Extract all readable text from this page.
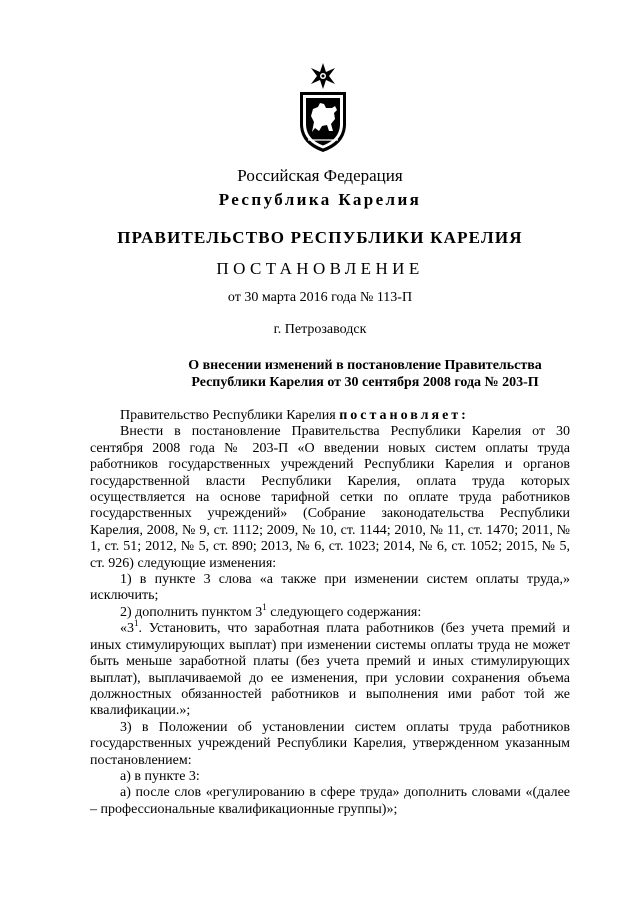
Российская Федерация
Республика Карелия
ПРАВИТЕЛЬСТВО РЕСПУБЛИКИ КАРЕЛИЯ
ПОСТАНОВЛЕНИЕ
от 30 марта 2016 года № 113-П
г. Петрозаводск
О внесении изменений в постановление Правительства
Республики Карелия от 30 сентября 2008 года № 203-П

Правительство Республики Карелия постановляет:

Внести в постановление Правительства Республики Карелия от 30 сентября 2008 года № 203-П «О введении новых систем оплаты труда работников государственных учреждений Республики Карелия и органов государственной власти Республики Карелия, оплата труда которых осуществляется на основе тарифной сетки по оплате труда работников государственных учреждений» (Собрание законодательства Республики Карелия, 2008, № 9, ст. 1112; 2009, № 10, ст. 1144; 2010, № 11, ст. 1470; 2011, № 1, ст. 51; 2012, № 5, ст. 890; 2013, № 6, ст. 1023; 2014, № 6, ст. 1052; 2015, № 5, ст. 926) следующие изменения:

1) в пункте 3 слова «а также при изменении систем оплаты труда,» исключить;

2) дополнить пунктом $3^1$ следующего содержания:

«$3^1$. Установить, что заработная плата работников (без учета премий и иных стимулирующих выплат) при изменении системы оплаты труда не может быть меньше заработной платы (без учета премий и иных стимулирующих выплат), выплачиваемой до ее изменения, при условии сохранения объема должностных обязанностей работников и выполнения ими работ той же квалификации.»;

3) в Положении об установлении систем оплаты труда работников государственных учреждений Республики Карелия, утвержденном указанным постановлением:

а) в пункте 3:

а) после слов «регулированию в сфере труда» дополнить словами «(далее – профессиональные квалификационные группы)»;
